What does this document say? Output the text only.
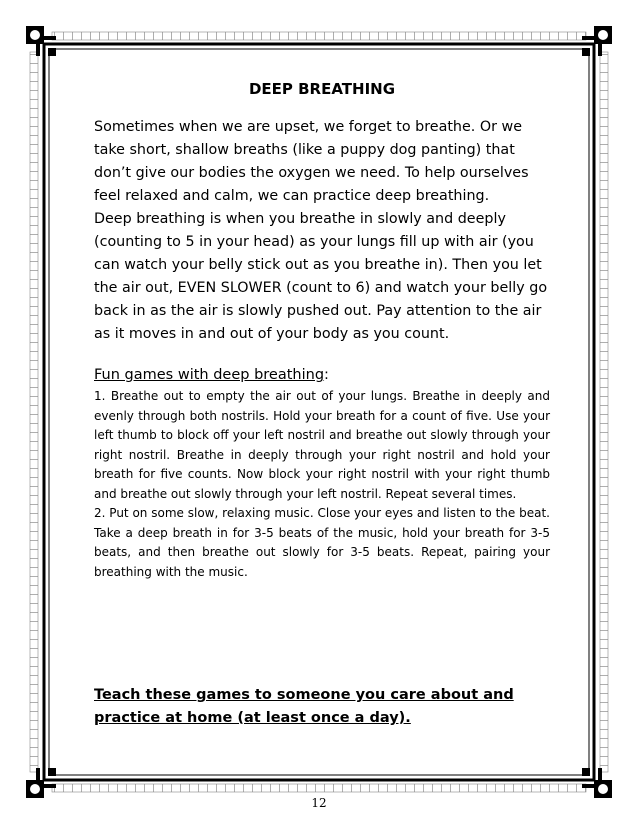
DEEP BREATHING

Sometimes when we are upset, we forget to breathe. Or we take short, shallow breaths (like a puppy dog panting) that don’t give our bodies the oxygen we need. To help ourselves feel relaxed and calm, we can practice deep breathing.

Deep breathing is when you breathe in slowly and deeply (counting to 5 in your head) as your lungs fill up with air (you can watch your belly stick out as you breathe in). Then you let the air out, EVEN SLOWER (count to 6) and watch your belly go back in as the air is slowly pushed out. Pay attention to the air as it moves in and out of your body as you count.

Fun games with deep breathing:

1. Breathe out to empty the air out of your lungs. Breathe in deeply and evenly through both nostrils. Hold your breath for a count of five. Use your left thumb to block off your left nostril and breathe out slowly through your right nostril. Breathe in deeply through your right nostril and hold your breath for five counts. Now block your right nostril with your right thumb and breathe out slowly through your left nostril. Repeat several times.

2. Put on some slow, relaxing music. Close your eyes and listen to the beat. Take a deep breath in for 3-5 beats of the music, hold your breath for 3-5 beats, and then breathe out slowly for 3-5 beats. Repeat, pairing your breathing with the music.

Teach these games to someone you care about and practice at home (at least once a day).

12
